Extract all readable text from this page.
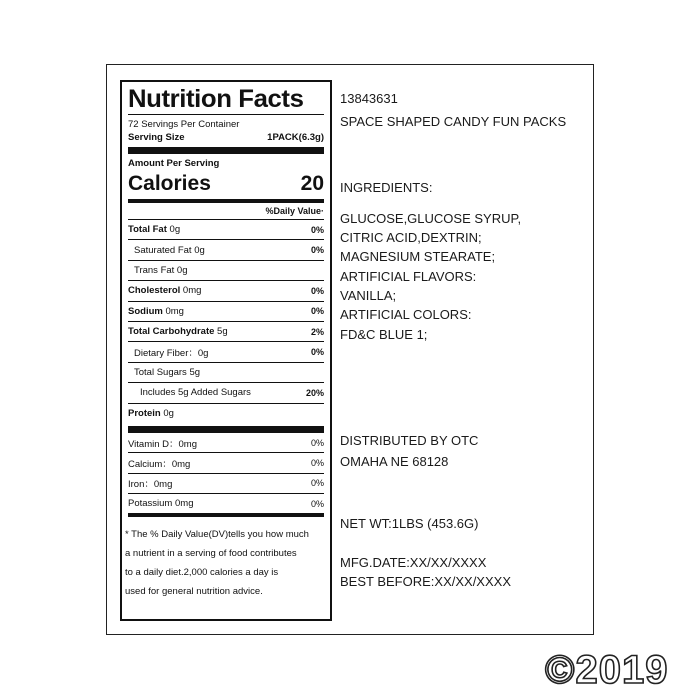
Nutrition Facts
72 Servings Per Container
Serving Size	1PACK(6.3g)
Amount Per Serving
Calories	20
%Daily Value·
Total Fat 0g	0%
Saturated Fat 0g	0%
Trans Fat 0g
Cholesterol 0mg	0%
Sodium 0mg	0%
Total Carbohydrate 5g	2%
Dietary Fiber：0g	0%
Total Sugars 5g
Includes 5g Added Sugars	20%
Protein 0g
Vitamin D：0mg	0%
Calcium：0mg	0%
Iron：0mg	0%
Potassium 0mg	0%
* The % Daily Value(DV)tells you how much
a nutrient in a serving of food contributes
to a daily diet.2,000 calories a day is
used for general nutrition advice.
13843631
SPACE SHAPED CANDY FUN PACKS
INGREDIENTS:
GLUCOSE,GLUCOSE SYRUP,
CITRIC ACID,DEXTRIN;
MAGNESIUM STEARATE;
ARTIFICIAL FLAVORS:
VANILLA;
ARTIFICIAL COLORS:
FD&C BLUE 1;
DISTRIBUTED BY OTC
OMAHA NE 68128
NET WT:1LBS (453.6G)
MFG.DATE:XX/XX/XXXX
BEST BEFORE:XX/XX/XXXX
©2019
